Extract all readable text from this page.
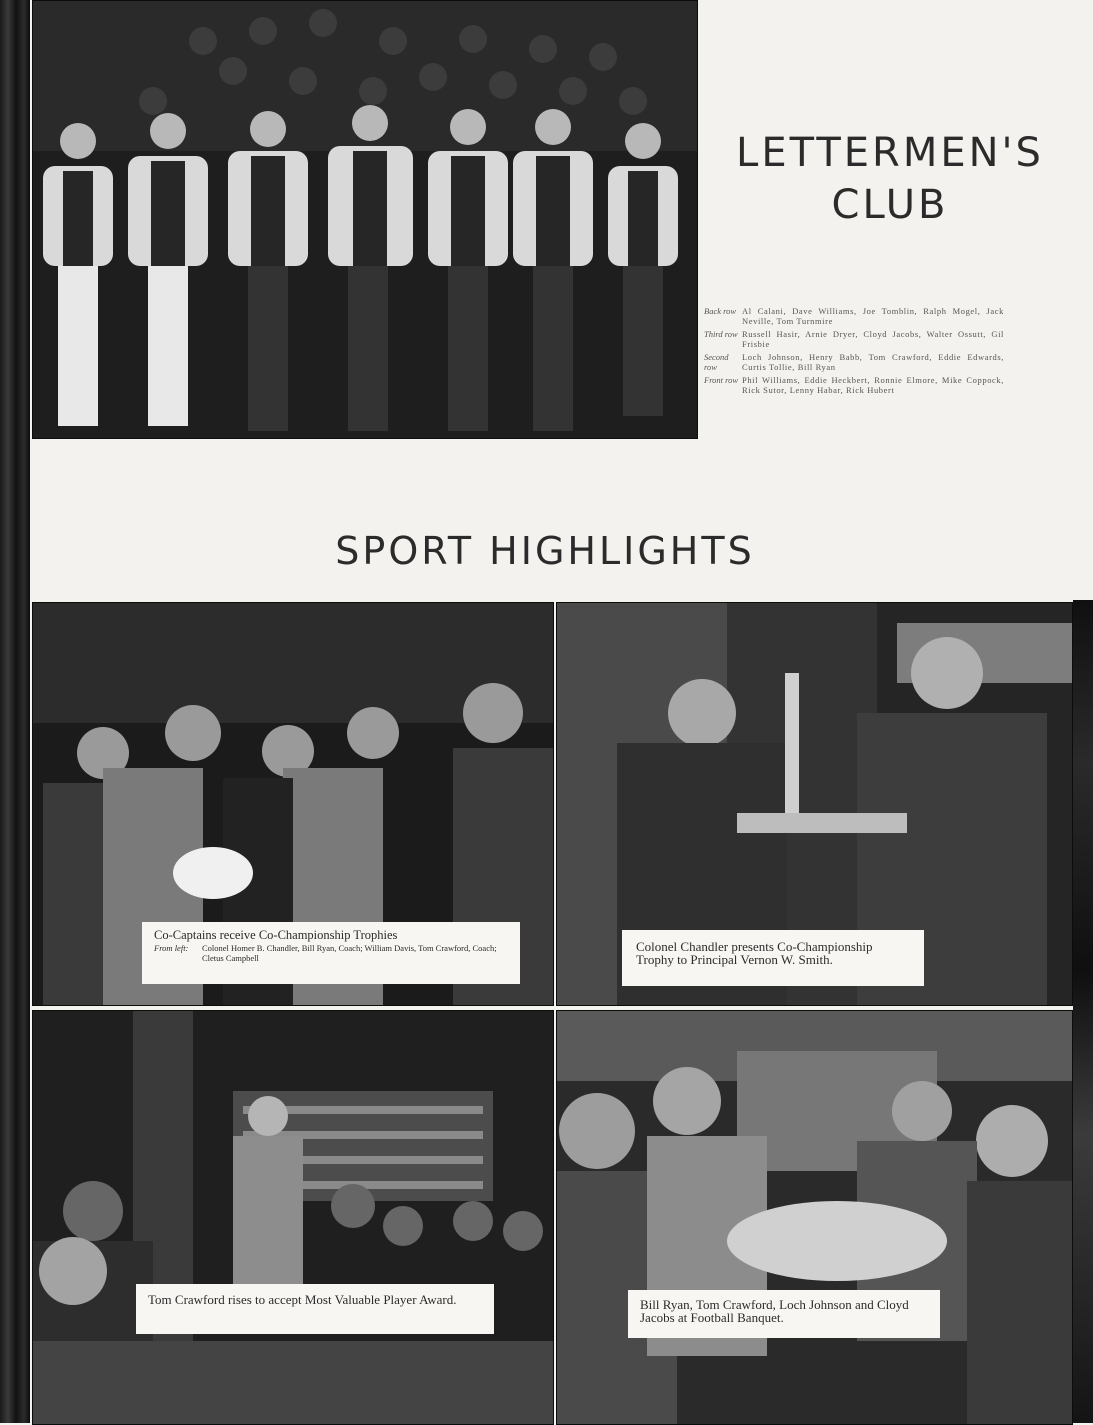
LETTERMEN'S CLUB
Back row Al Calani, Dave Williams, Joe Tomblin, Ralph Mogel, Jack Neville, Tom Turnmire
Third row Russell Hasir, Arnie Dryer, Cloyd Jacobs, Walter Ossutt, Gil Frisbie
Second row
Loch Johnson, Henry Babb, Tom Crawford, Eddie Edwards, Curtis Tollie, Bill Ryan
Front row Phil Williams, Eddie Heckbert, Ronnie Elmore, Mike Coppock, Rick Sutor, Lenny Habar, Rick Hubert
SPORT HIGHLIGHTS
Co-Captains receive Co-Championship Trophies
From left:	Colonel Homer B. Chandler, Bill Ryan, Coach; William Davis, Tom Crawford, Coach; Cletus Campbell
Colonel Chandler presents Co-Championship Trophy to Principal Vernon W. Smith.
Tom Crawford rises to accept Most Valuable Player Award.	Bill Ryan, Tom Crawford, Loch Johnson and Cloyd Jacobs at Football Banquet.
